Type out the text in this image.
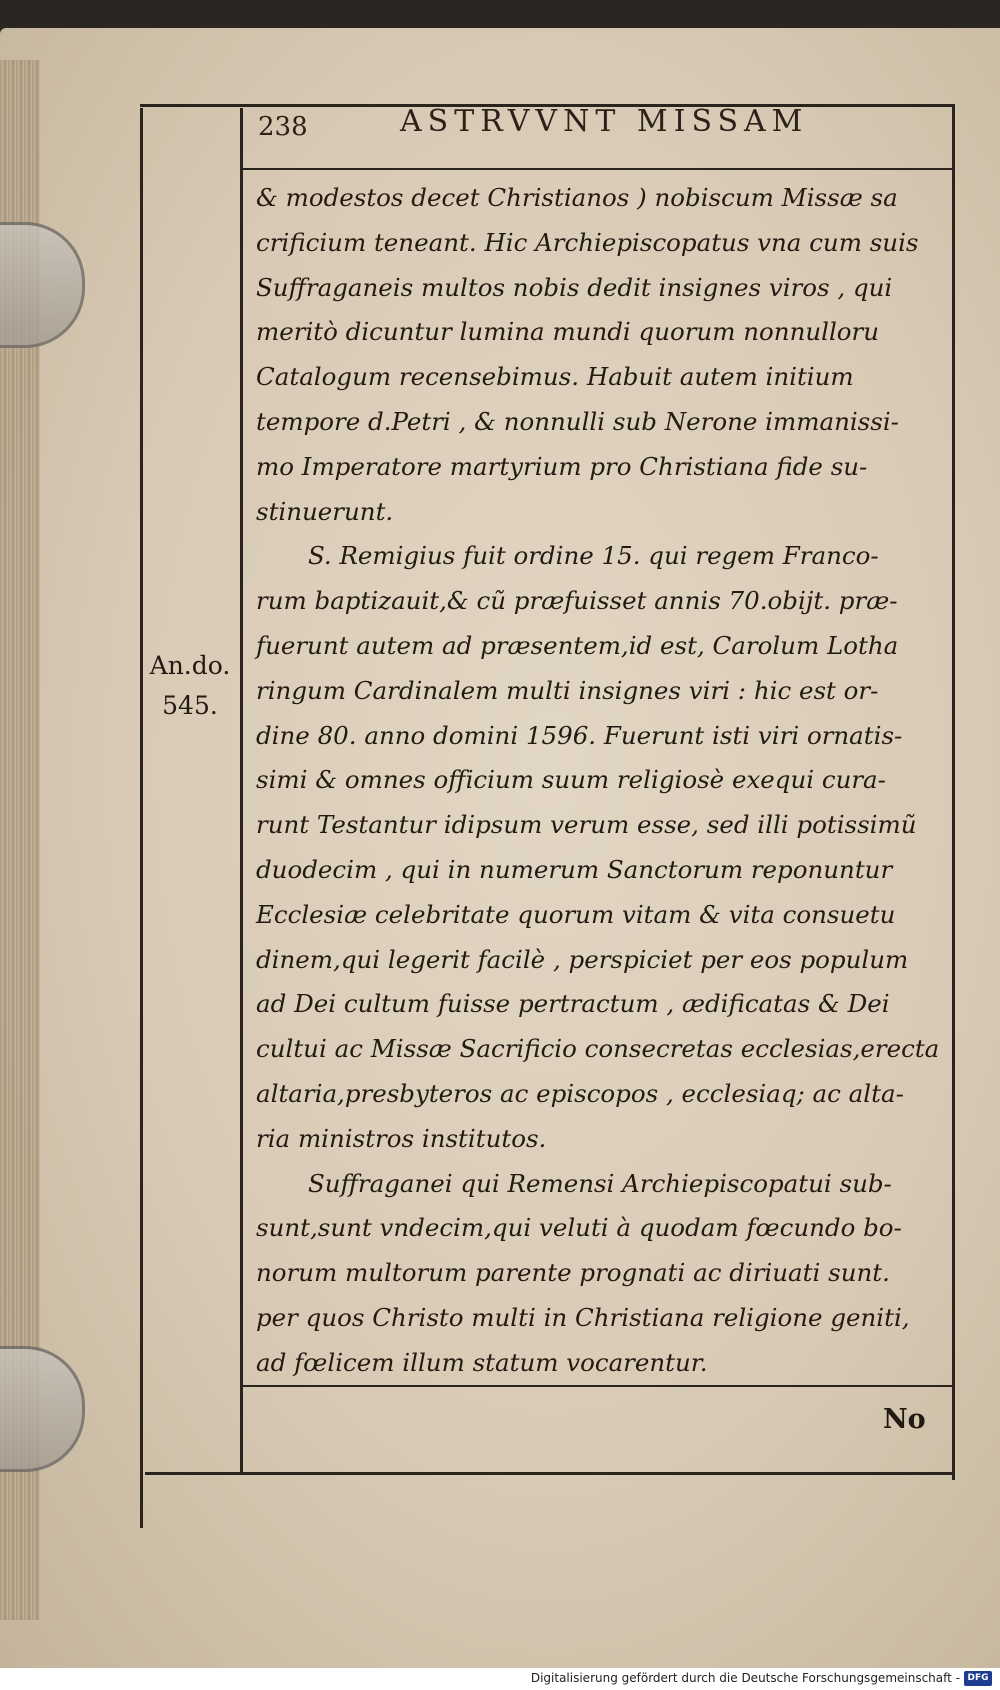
238	ASTRVVNT MISSAM
An.do.
545.
& modestos decet Christianos ) nobiscum Missæ sa
crificium teneant. Hic Archiepiscopatus vna cum suis
Suffraganeis multos nobis dedit insignes viros , qui
meritò dicuntur lumina mundi quorum nonnulloru
Catalogum recensebimus. Habuit autem initium
tempore d.Petri , & nonnulli sub Nerone immanissi-
mo Imperatore martyrium pro Christiana fide su-
stinuerunt.
S. Remigius fuit ordine 15. qui regem Franco-
rum baptizauit,& cũ præfuisset annis 70.obijt. præ-
fuerunt autem ad præsentem,id est, Carolum Lotha
ringum Cardinalem multi insignes viri : hic est or-
dine 80. anno domini 1596. Fuerunt isti viri ornatis-
simi & omnes officium suum religiosè exequi cura-
runt Testantur idipsum verum esse, sed illi potissimũ
duodecim , qui in numerum Sanctorum reponuntur
Ecclesiæ celebritate quorum vitam & vita consuetu
dinem,qui legerit facilè , perspiciet per eos populum
ad Dei cultum fuisse pertractum , ædificatas & Dei
cultui ac Missæ Sacrificio consecretas ecclesias,erecta
altaria,presbyteros ac episcopos , ecclesiaq; ac alta-
ria ministros institutos.
Suffraganei qui Remensi Archiepiscopatui sub-
sunt,sunt vndecim,qui veluti à quodam fœcundo bo-
norum multorum parente prognati ac diriuati sunt.
per quos Christo multi in Christiana religione geniti,
ad fœlicem illum statum vocarentur.
No
Digitalisierung gefördert durch die Deutsche Forschungsgemeinschaft - DFG
